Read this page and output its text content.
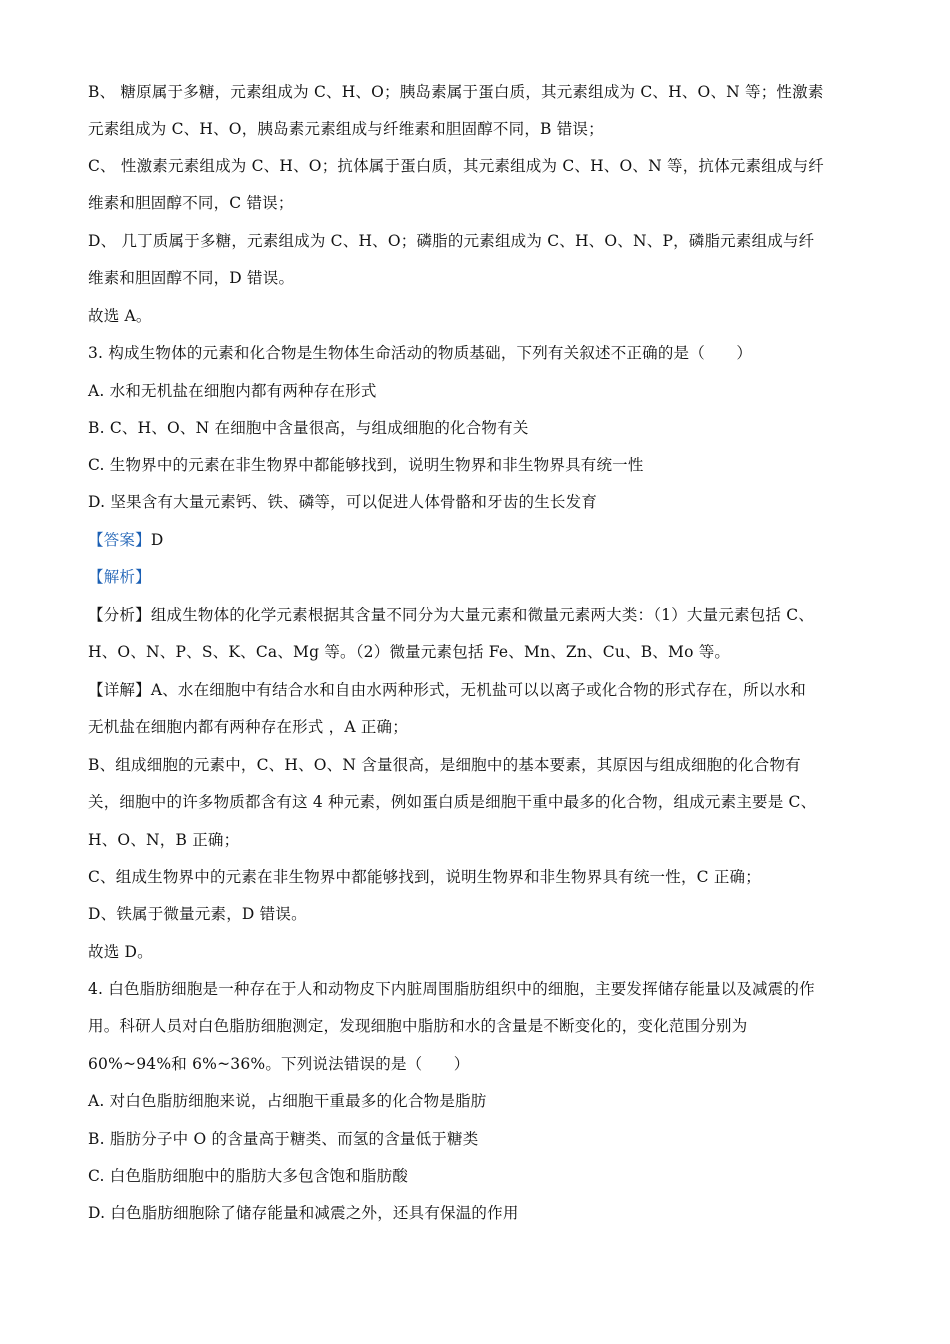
B、 糖原属于多糖，元素组成为 C、H、O；胰岛素属于蛋白质，其元素组成为 C、H、O、N 等；性激素
元素组成为 C、H、O，胰岛素元素组成与纤维素和胆固醇不同，B 错误；
C、 性激素元素组成为 C、H、O；抗体属于蛋白质，其元素组成为 C、H、O、N 等，抗体元素组成与纤
维素和胆固醇不同，C 错误；
D、 几丁质属于多糖，元素组成为 C、H、O；磷脂的元素组成为 C、H、O、N、P，磷脂元素组成与纤
维素和胆固醇不同，D 错误。
故选 A。
3. 构成生物体的元素和化合物是生物体生命活动的物质基础，下列有关叙述不正确的是（　　）
A. 水和无机盐在细胞内都有两种存在形式
B. C、H、O、N 在细胞中含量很高，与组成细胞的化合物有关
C. 生物界中的元素在非生物界中都能够找到，说明生物界和非生物界具有统一性
D. 坚果含有大量元素钙、铁、磷等，可以促进人体骨骼和牙齿的生长发育
【答案】D
【解析】
【分析】组成生物体的化学元素根据其含量不同分为大量元素和微量元素两大类：（1）大量元素包括 C、
H、O、N、P、S、K、Ca、Mg 等。（2）微量元素包括 Fe、Mn、Zn、Cu、B、Mo 等。
【详解】A、水在细胞中有结合水和自由水两种形式，无机盐可以以离子或化合物的形式存在，所以水和
无机盐在细胞内都有两种存在形式 ，A 正确；
B、组成细胞的元素中，C、H、O、N 含量很高，是细胞中的基本要素，其原因与组成细胞的化合物有
关，细胞中的许多物质都含有这 4 种元素，例如蛋白质是细胞干重中最多的化合物，组成元素主要是 C、
H、O、N，B 正确；
C、组成生物界中的元素在非生物界中都能够找到，说明生物界和非生物界具有统一性，C 正确；
D、铁属于微量元素，D 错误。
故选 D。
4. 白色脂肪细胞是一种存在于人和动物皮下内脏周围脂肪组织中的细胞，主要发挥储存能量以及减震的作
用。科研人员对白色脂肪细胞测定，发现细胞中脂肪和水的含量是不断变化的，变化范围分别为
60%~94%和 6%~36%。下列说法错误的是（　　）
A. 对白色脂肪细胞来说，占细胞干重最多的化合物是脂肪
B. 脂肪分子中 O 的含量高于糖类、而氢的含量低于糖类
C. 白色脂肪细胞中的脂肪大多包含饱和脂肪酸
D. 白色脂肪细胞除了储存能量和减震之外，还具有保温的作用
